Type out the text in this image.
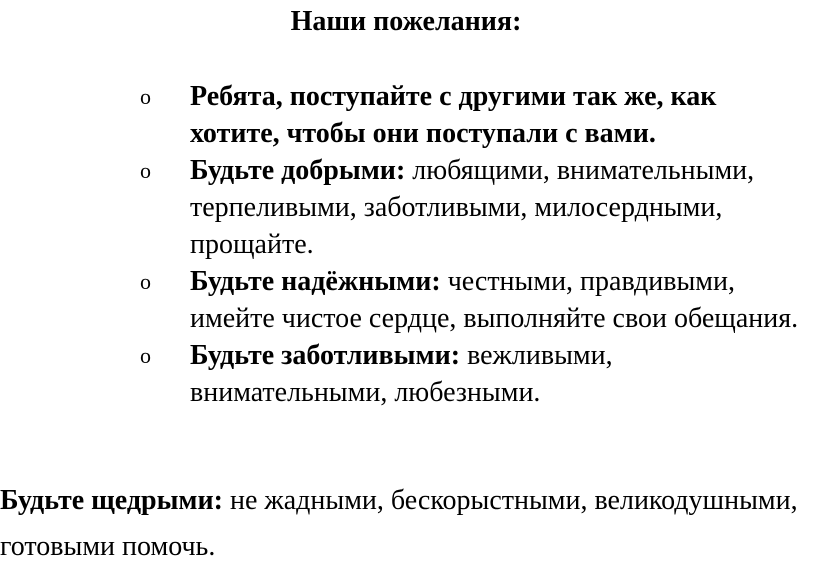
Наши пожелания:
o Ребята, поступайте с другими так же, как хотите, чтобы они поступали с вами.
o Будьте добрыми: любящими, внимательными, терпеливыми, заботливыми, милосердными, прощайте.
o Будьте надёжными: честными, правдивыми, имейте чистое сердце, выполняйте свои обещания.
o Будьте заботливыми: вежливыми, внимательными, любезными.

Будьте щедрыми: не жадными, бескорыстными, великодушными, готовыми помочь.
